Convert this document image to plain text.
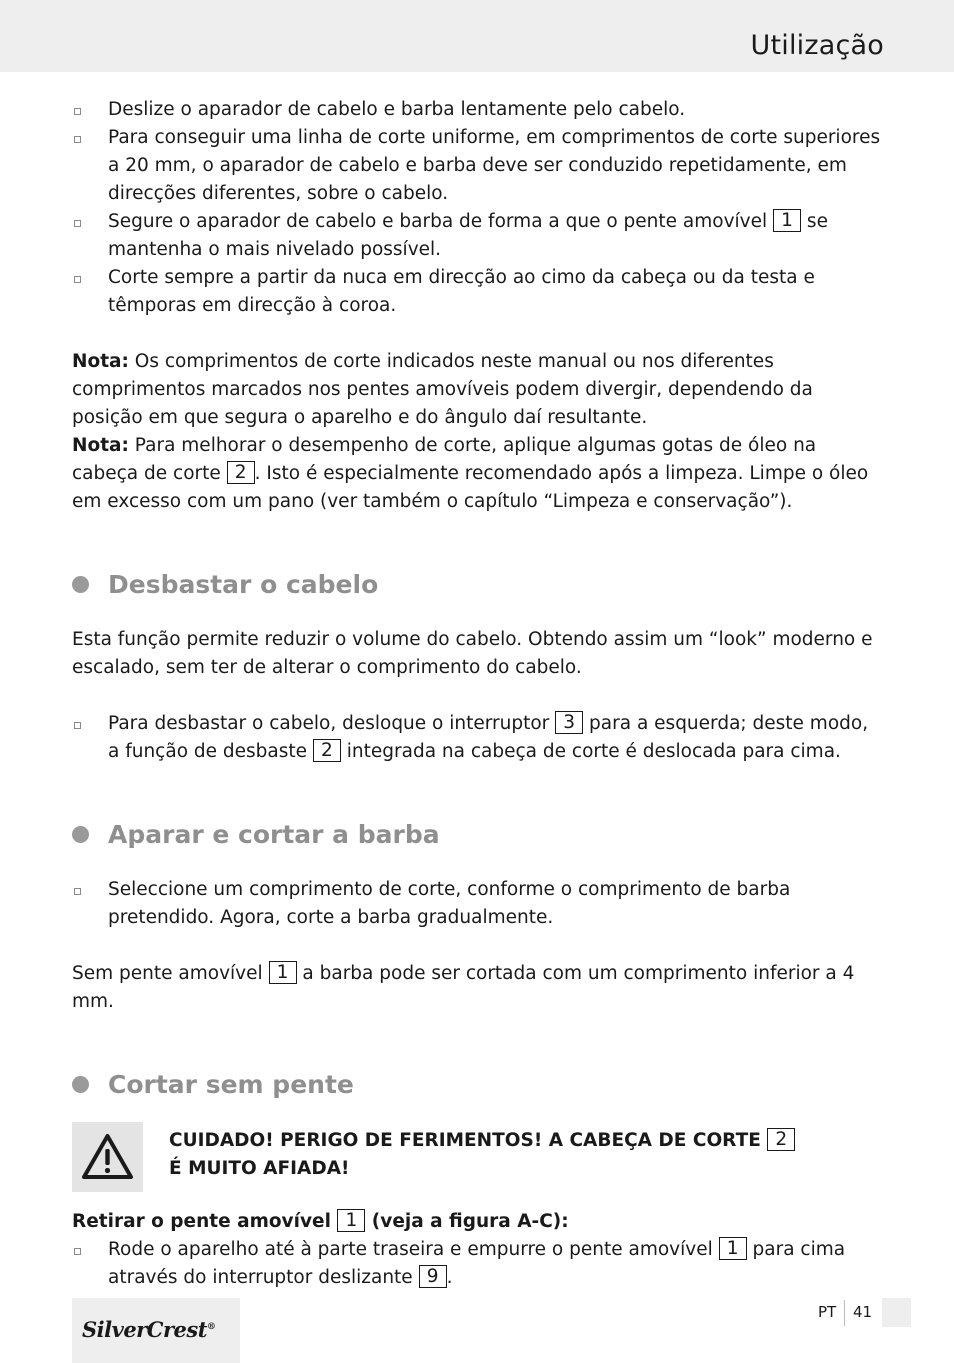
Utilização
Deslize o aparador de cabelo e barba lentamente pelo cabelo.
Para conseguir uma linha de corte uniforme, em comprimentos de corte superiores a 20 mm, o aparador de cabelo e barba deve ser conduzido repetidamente, em direcções diferentes, sobre o cabelo.
Segure o aparador de cabelo e barba de forma a que o pente amovível 1 se mantenha o mais nivelado possível.
Corte sempre a partir da nuca em direcção ao cimo da cabeça ou da testa e têmporas em direcção à coroa.

Nota: Os comprimentos de corte indicados neste manual ou nos diferentes comprimentos marcados nos pentes amovíveis podem divergir, dependendo da posição em que segura o aparelho e do ângulo daí resultante.

Nota: Para melhorar o desempenho de corte, aplique algumas gotas de óleo na cabeça de corte 2 . Isto é especialmente recomendado após a limpeza. Limpe o óleo em excesso com um pano (ver também o capítulo “Limpeza e conservação”).

Desbastar o cabelo

Esta função permite reduzir o volume do cabelo. Obtendo assim um “look” moderno e escalado, sem ter de alterar o comprimento do cabelo.

Para desbastar o cabelo, desloque o interruptor 3 para a esquerda; deste modo, a função de desbaste 2 integrada na cabeça de corte é deslocada para cima.
Aparar e cortar a barba
Seleccione um comprimento de corte, conforme o comprimento de barba pretendido. Agora, corte a barba gradualmente.

Sem pente amovível 1 a barba pode ser cortada com um comprimento inferior a 4 mm.

Cortar sem pente
CUIDADO! PERIGO DE FERIMENTOS! A CABEÇA DE CORTE 2
É MUITO AFIADA!

Retirar o pente amovível 1 (veja a figura A-C):

Rode o aparelho até à parte traseira e empurre o pente amovível 1 para cima através do interruptor deslizante 9 .
SilverCrest®
PT 41
